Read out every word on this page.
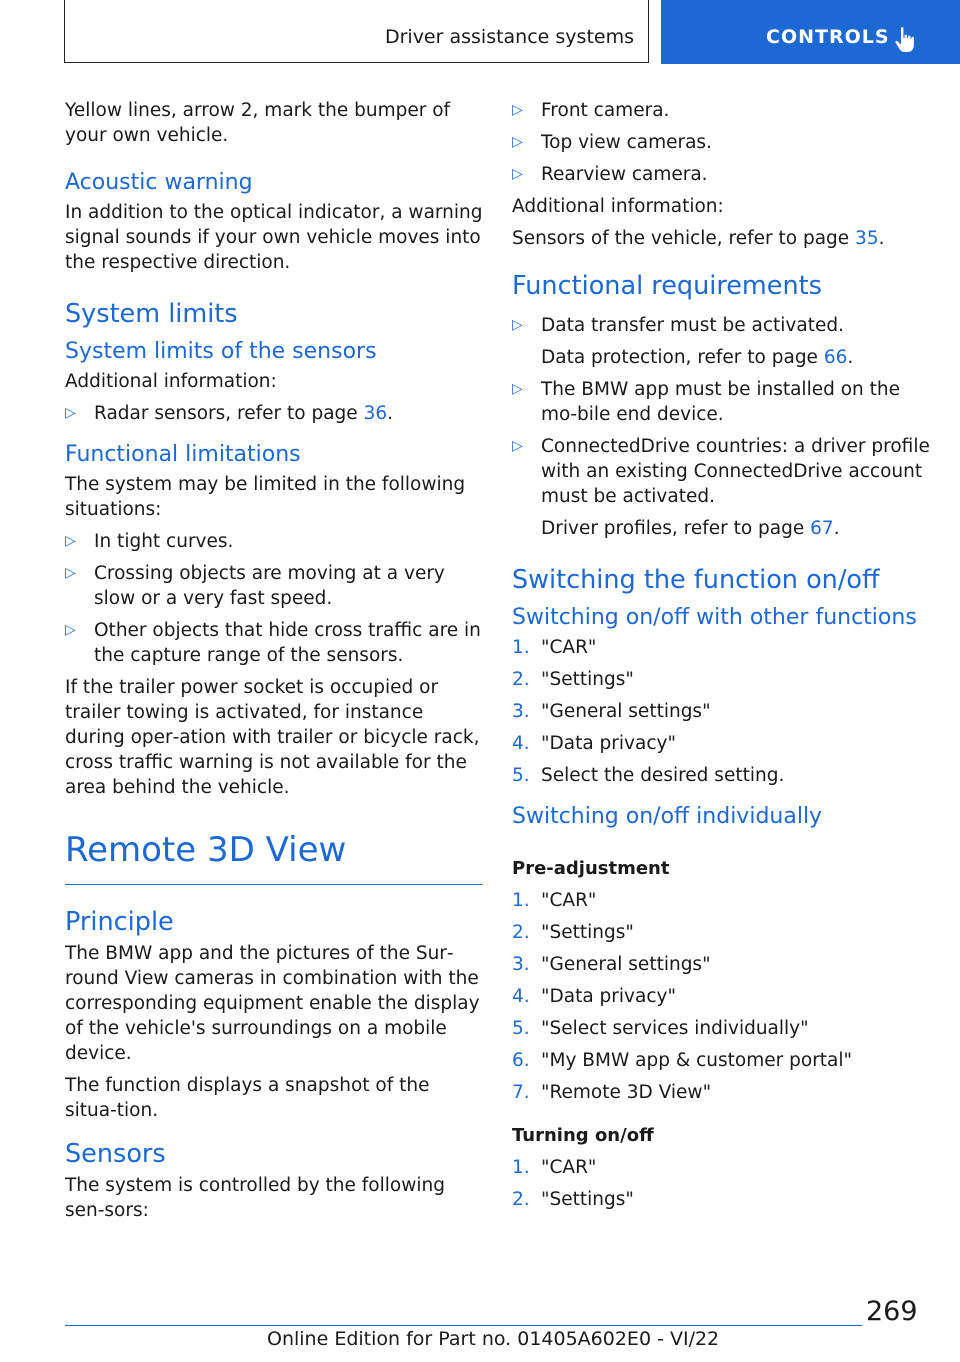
Driver assistance systems	CONTROLS

Yellow lines, arrow 2, mark the bumper of your own vehicle.

Acoustic warning

In addition to the optical indicator, a warning signal sounds if your own vehicle moves into the respective direction.

System limits
System limits of the sensors

Additional information:

▷ Radar sensors, refer to page 36.
Functional limitations

The system may be limited in the following situations:

▷ In tight curves.
▷ Crossing objects are moving at a very slow or a very fast speed.
▷ Other objects that hide cross traffic are in the capture range of the sensors.

If the trailer power socket is occupied or trailer towing is activated, for instance during oper‐ation with trailer or bicycle rack, cross traffic warning is not available for the area behind the vehicle.

Remote 3D View
Principle

The BMW app and the pictures of the Sur‐round View cameras in combination with the corresponding equipment enable the display of the vehicle's surroundings on a mobile device.

The function displays a snapshot of the situa‐tion.

Sensors

The system is controlled by the following sen‐sors:

▷ Front camera.
▷ Top view cameras.
▷ Rearview camera.

Additional information:

Sensors of the vehicle, refer to page 35.

Functional requirements
▷ Data transfer must be activated.
Data protection, refer to page 66.
▷ The BMW app must be installed on the mo‐bile end device.
▷ ConnectedDrive countries: a driver profile with an existing ConnectedDrive account must be activated.
Driver profiles, refer to page 67.
Switching the function on/off
Switching on/off with other functions
1. "CAR"
2. "Settings"
3. "General settings"
4. "Data privacy"
5. Select the desired setting.
Switching on/off individually
Pre-adjustment
1. "CAR"
2. "Settings"
3. "General settings"
4. "Data privacy"
5. "Select services individually"
6. "My BMW app & customer portal"
7. "Remote 3D View"
Turning on/off
1. "CAR"
2. "Settings"
269
Online Edition for Part no. 01405A602E0 - VI/22
